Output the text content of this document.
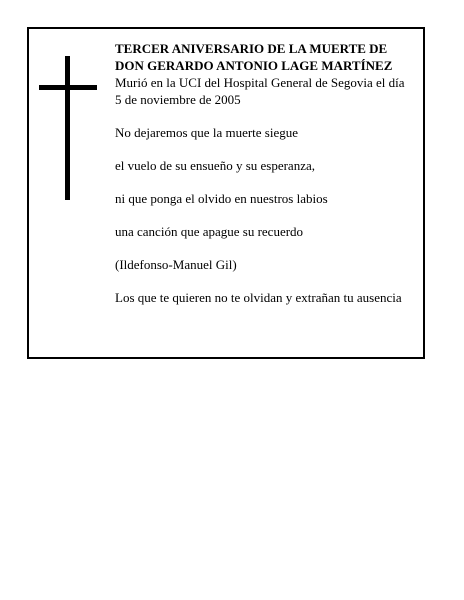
TERCER ANIVERSARIO DE LA MUERTE DE

DON GERARDO ANTONIO LAGE MARTÍNEZ

Murió en la UCI del Hospital General de Segovia el día

5 de noviembre de 2005

No dejaremos que la muerte siegue

el vuelo de su ensueño y su esperanza,

ni que ponga el olvido en nuestros labios

una canción que apague su recuerdo

(Ildefonso-Manuel Gil)

Los que te quieren no te olvidan y extrañan tu ausencia
